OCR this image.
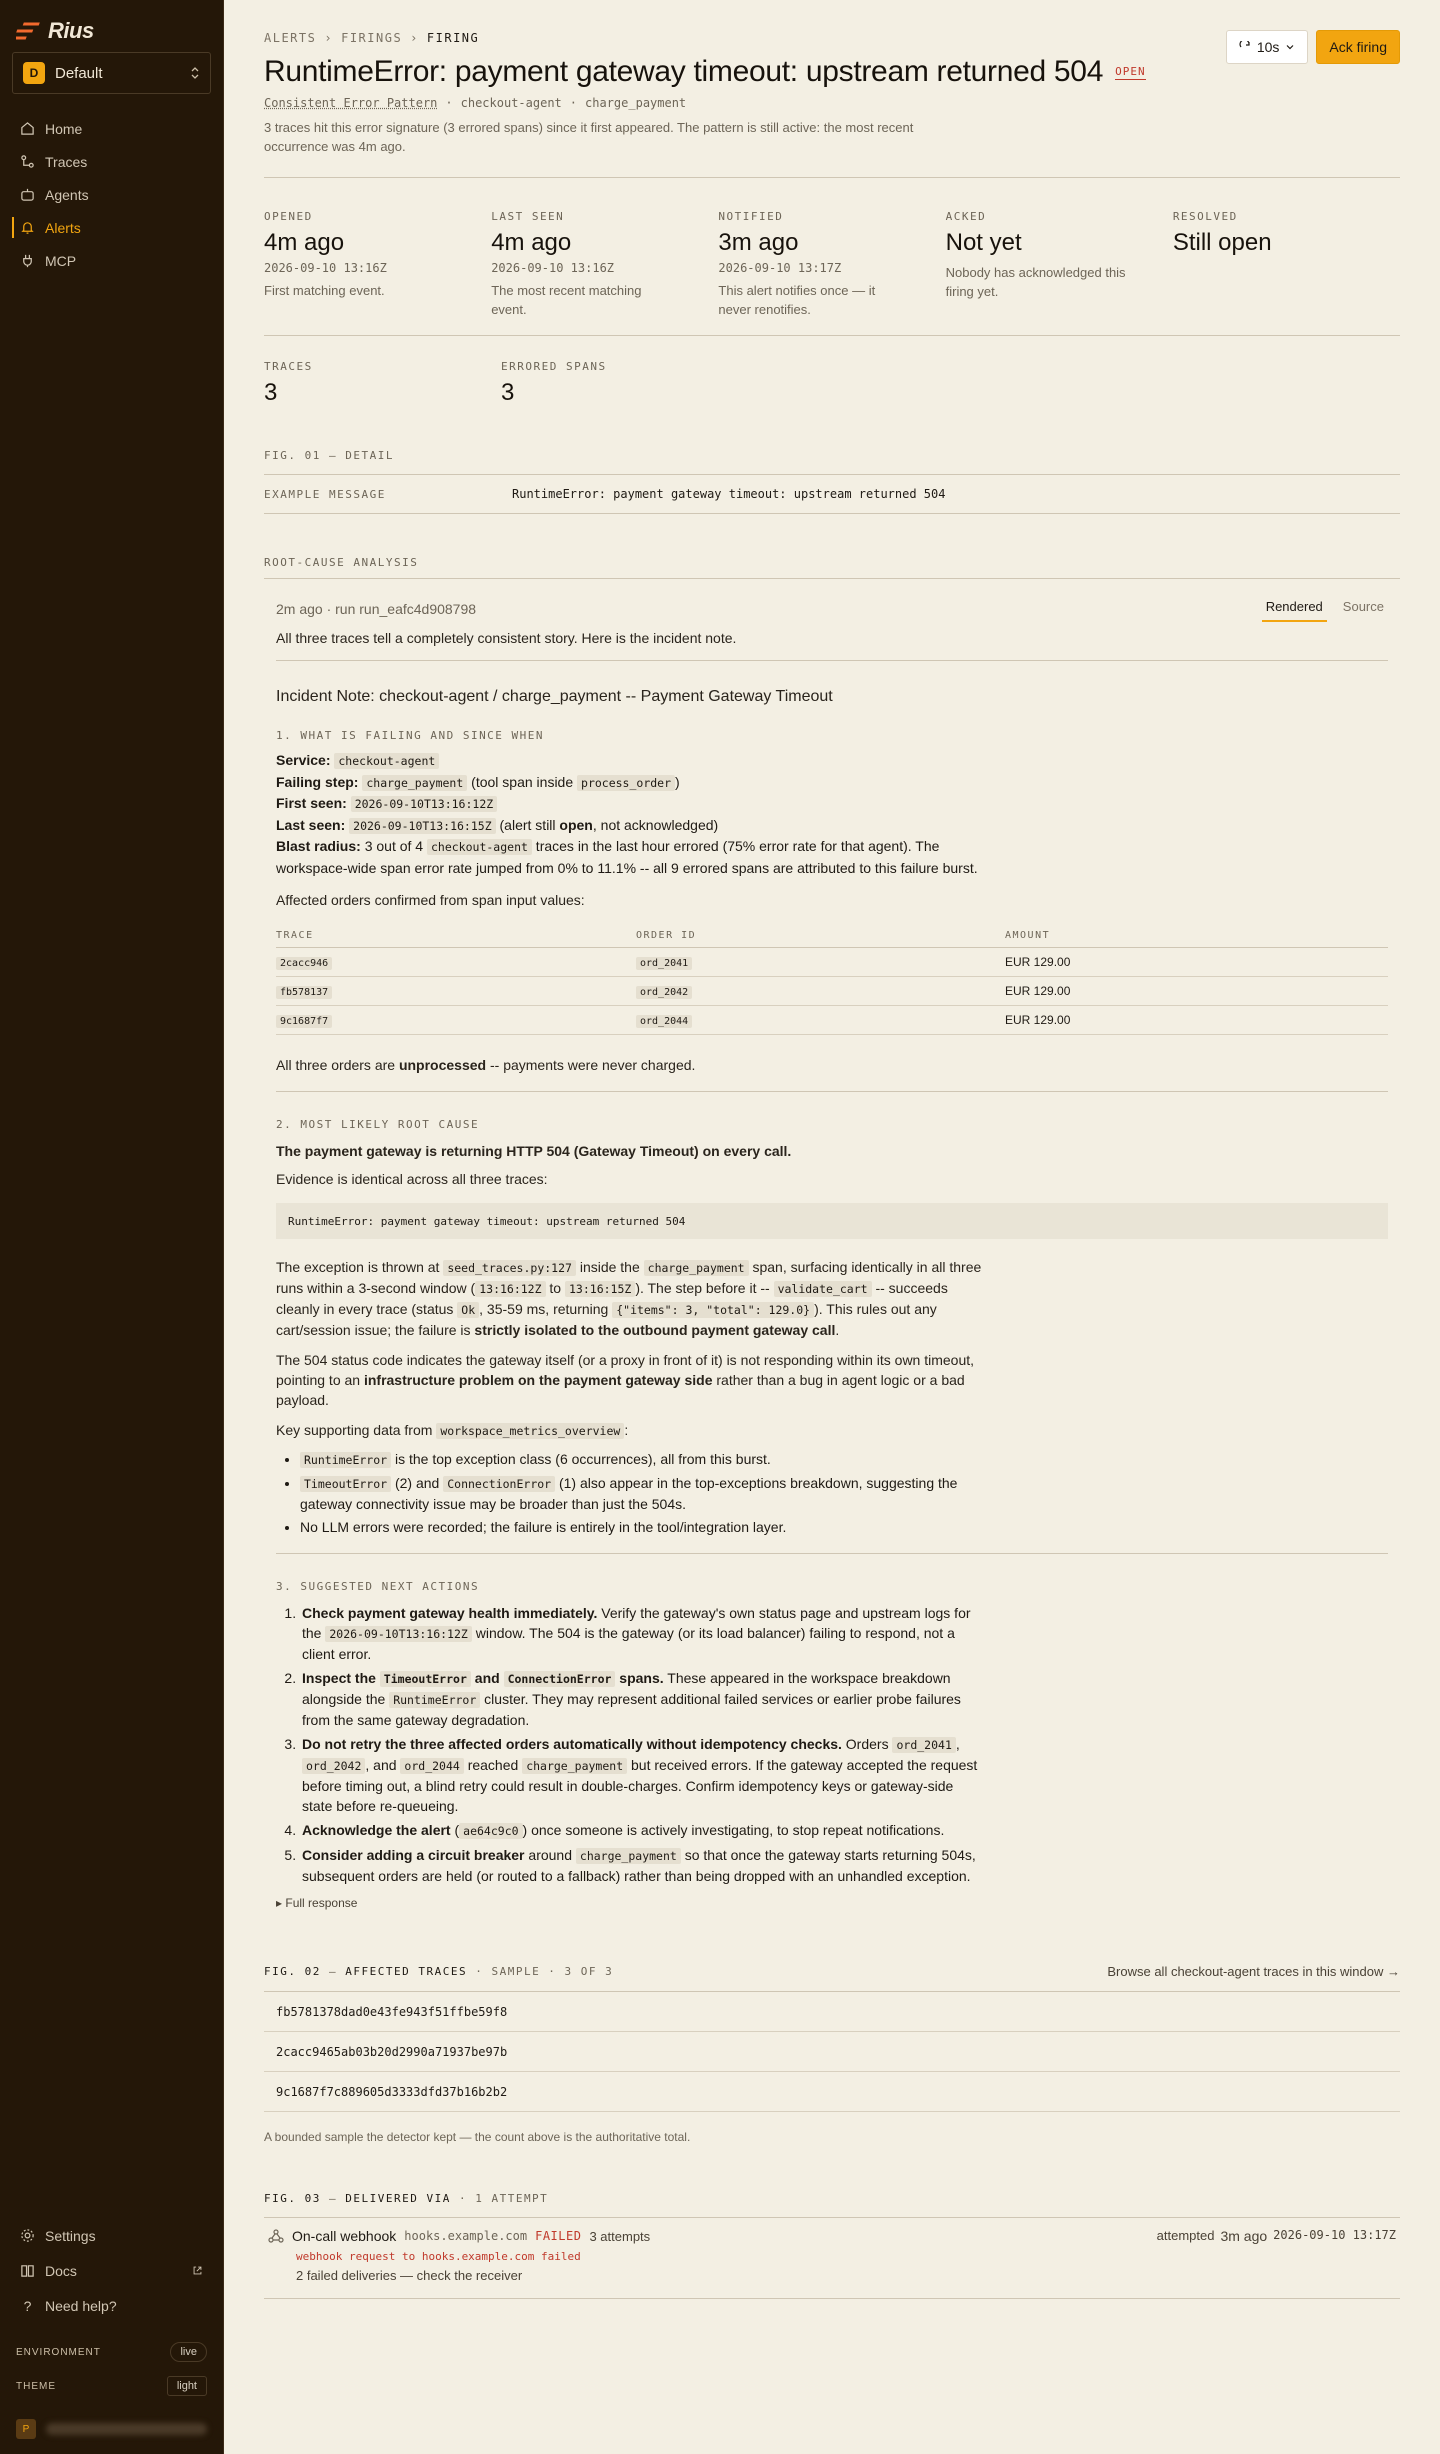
Rius
D	Default
Home
Traces
Agents
Alerts
MCP
Settings
Docs
? Need help?
ENVIRONMENT	live
THEME	light
P
10s	Ack firing
ALERTS › FIRINGS › FIRING
RuntimeError: payment gateway timeout: upstream returned 504 OPEN
Consistent Error Pattern · checkout-agent · charge_payment

3 traces hit this error signature (3 errored spans) since it first appeared. The pattern is still active: the most recent occurrence was 4m ago.

OPENED
4m ago
2026-09-10 13:16Z
First matching event.
LAST SEEN
4m ago
2026-09-10 13:16Z
The most recent matching event.
NOTIFIED
3m ago
2026-09-10 13:17Z
This alert notifies once — it never renotifies.
ACKED
Not yet
Nobody has acknowledged this firing yet.
RESOLVED
Still open
TRACES
3
ERRORED SPANS
3
FIG. 01 — DETAIL
EXAMPLE MESSAGE	RuntimeError: payment gateway timeout: upstream returned 504
ROOT-CAUSE ANALYSIS
2m ago · run run_eafc4d908798	Rendered	Source

All three traces tell a completely consistent story. Here is the incident note.

Incident Note: checkout-agent / charge_payment -- Payment Gateway Timeout

1. WHAT IS FAILING AND SINCE WHEN
Service: checkout-agent
Failing step: charge_payment (tool span inside process_order )
First seen: 2026-09-10T13:16:12Z
Last seen: 2026-09-10T13:16:15Z (alert still open, not acknowledged)
Blast radius: 3 out of 4 checkout-agent traces in the last hour errored (75% error rate for that agent). The workspace-wide span error rate jumped from 0% to 11.1% -- all 9 errored spans are attributed to this failure burst.

Affected orders confirmed from span input values:

TRACE	ORDER ID	AMOUNT
2cacc946	ord_2041	EUR 129.00
fb578137	ord_2042	EUR 129.00
9c1687f7	ord_2044	EUR 129.00

All three orders are unprocessed -- payments were never charged.

2. MOST LIKELY ROOT CAUSE

The payment gateway is returning HTTP 504 (Gateway Timeout) on every call.

Evidence is identical across all three traces:

RuntimeError: payment gateway timeout: upstream returned 504

The exception is thrown at seed_traces.py:127 inside the charge_payment span, surfacing identically in all three runs within a 3-second window ( 13:16:12Z to 13:16:15Z ). The step before it -- validate_cart -- succeeds cleanly in every trace (status Ok , 35-59 ms, returning {"items": 3, "total": 129.0} ). This rules out any cart/session issue; the failure is strictly isolated to the outbound payment gateway call.

The 504 status code indicates the gateway itself (or a proxy in front of it) is not responding within its own timeout, pointing to an infrastructure problem on the payment gateway side rather than a bug in agent logic or a bad payload.

Key supporting data from workspace_metrics_overview :

• RuntimeError is the top exception class (6 occurrences), all from this burst.
• TimeoutError (2) and ConnectionError (1) also appear in the top-exceptions breakdown, suggesting the gateway connectivity issue may be broader than just the 504s.
• No LLM errors were recorded; the failure is entirely in the tool/integration layer.
3. SUGGESTED NEXT ACTIONS
1. Check payment gateway health immediately. Verify the gateway's own status page and upstream logs for the 2026-09-10T13:16:12Z window. The 504 is the gateway (or its load balancer) failing to respond, not a client error.
2. Inspect the TimeoutError and ConnectionError spans. These appeared in the workspace breakdown alongside the RuntimeError cluster. They may represent additional failed services or earlier probe failures from the same gateway degradation.
3. Do not retry the three affected orders automatically without idempotency checks. Orders ord_2041 , ord_2042 , and ord_2044 reached charge_payment but received errors. If the gateway accepted the request before timing out, a blind retry could result in double-charges. Confirm idempotency keys or gateway-side state before re-queueing.
4. Acknowledge the alert ( ae64c9c0 ) once someone is actively investigating, to stop repeat notifications.
5. Consider adding a circuit breaker around charge_payment so that once the gateway starts returning 504s, subsequent orders are held (or routed to a fallback) rather than being dropped with an unhandled exception.
▸ Full response
FIG. 02 — AFFECTED TRACES · SAMPLE · 3 OF 3	Browse all checkout-agent traces in this window →
fb5781378dad0e43fe943f51ffbe59f8
2cacc9465ab03b20d2990a71937be97b
9c1687f7c889605d3333dfd37b16b2b2

A bounded sample the detector kept — the count above is the authoritative total.

FIG. 03 — DELIVERED VIA · 1 ATTEMPT
On-call webhook hooks.example.com FAILED 3 attempts
webhook request to hooks.example.com failed
2 failed deliveries — check the receiver
attempted 3m ago 2026-09-10 13:17Z
